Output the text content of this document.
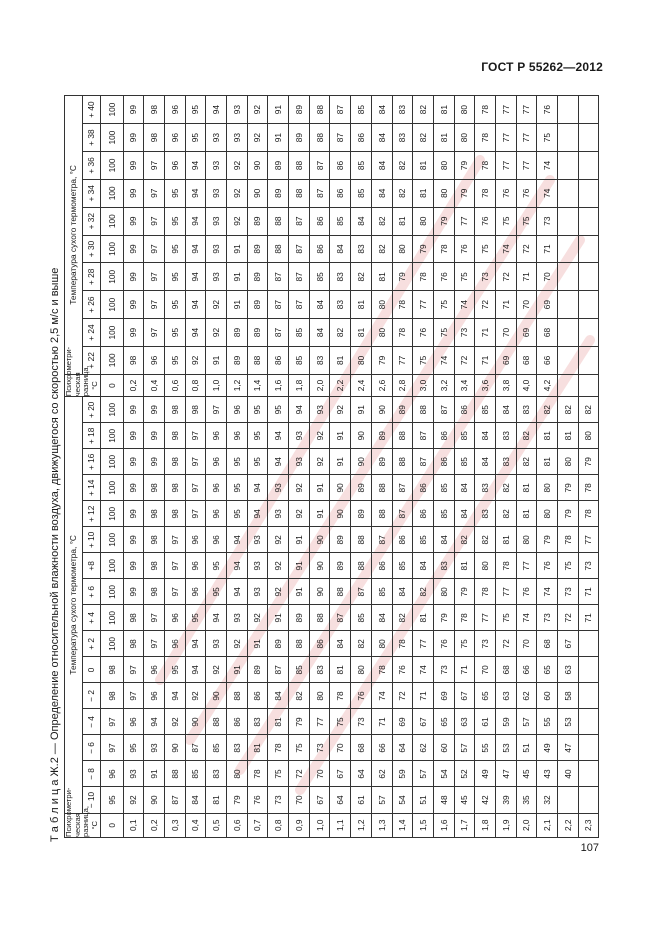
ГОСТ Р 55262—2012
Т а б л и ц а Ж.2 — Определение относительной влажности воздуха, движущегося со скоростью 2,5 м/с и выше Психрометри-ческая разница, °С	Температура сухого термометра, °С																Психрометри-ческая разница, °С	Температура сухого термометра, °С									
	− 10	− 8	− 6	− 4	− 2	0	+ 2	+ 4	+ 6	+8	+ 10	+ 12	+ 14	+ 16	+ 18	+ 20		+ 22	+ 24	+ 26	+ 28	+ 30	+ 32	+ 34	+ 36	+ 38	+ 40
0	95	96	97	97	98	98	100	100	100	100	100	100	100	100	100	100	0	100	100	100	100	100	100	100	100	100	100
0,1	92	93	95	96	97	97	98	98	99	99	99	99	99	99	99	99	0,2	98	99	99	99	99	99	99	99	99	99
0,2	90	91	93	94	96	96	97	97	98	98	98	98	98	99	99	99	0,4	96	97	97	97	97	97	97	97	98	98
0,3	87	88	90	92	94	95	96	96	97	97	97	98	98	98	98	98	0,6	95	95	95	95	95	95	95	96	96	96
0,4	84	85	87	90	92	94	94	95	96	96	96	97	97	97	97	98	0,8	92	94	94	94	94	94	94	94	95	95
0,5	81	83	85	88	90	92	93	94	95	95	96	96	96	96	96	97	1,0	91	92	92	93	93	93	93	93	93	94
0,6	79	80	83	86	88	91	92	93	94	94	94	95	95	95	96	96	1,2	89	89	91	91	91	92	92	92	93	93
0,7	76	78	81	83	86	89	91	92	93	93	93	94	94	95	95	95	1,4	88	89	89	89	89	89	90	90	92	92
0,8	73	75	78	81	84	87	89	91	92	92	92	93	93	94	94	95	1,6	86	87	87	87	88	88	89	89	91	91
0,9	70	72	75	79	82	85	88	89	91	91	91	92	92	93	93	94	1,8	85	85	87	87	87	87	88	88	89	89
1,0	67	70	73	77	80	83	86	88	90	90	90	91	91	92	92	93	2,0	83	84	84	85	86	86	87	87	88	88
1,1	64	67	70	75	78	81	84	87	88	89	89	90	90	91	91	92	2,2	81	82	83	83	84	85	86	86	87	87
1,2	61	64	68	73	76	80	82	85	87	88	88	89	89	90	90	91	2,4	80	81	81	82	83	84	85	85	86	85
1,3	57	62	66	71	74	78	80	84	85	86	87	88	88	89	89	90	2,6	79	80	80	81	82	82	84	84	84	84
1,4	54	59	64	69	72	76	78	82	84	85	86	87	87	88	88	89	2,8	77	78	78	79	80	81	82	82	83	83
1,5	51	57	62	67	71	74	77	81	82	84	85	86	86	87	87	88	3,0	75	76	77	78	79	80	81	81	82	82
1,6	48	54	60	65	69	73	76	79	80	83	84	85	85	86	86	87	3,2	74	75	75	76	78	79	80	80	81	81
1,7	45	52	57	63	67	71	75	78	79	81	82	84	84	85	85	86	3,4	72	73	74	75	76	77	79	79	80	80
1,8	42	49	55	61	65	70	73	77	78	80	82	83	83	84	84	85	3,6	71	71	72	73	75	76	78	78	78	78
1,9	39	47	53	59	63	68	72	75	77	78	81	82	82	83	83	84	3,8	69	70	71	72	74	75	76	77	77	77
2,0	35	45	51	57	62	66	70	74	76	77	80	81	81	82	82	83	4,0	68	69	70	71	72	75	76	77	77	77
2,1	32	43	49	55	60	65	68	73	74	76	79	80	80	81	81	82	4,2	66	68	69	70	71	73	74	74	75	76
2,2		40	47	53	58	63	67	72	73	75	78	79	79	80	81	82											
2,3								71	71	73	77	78	78	79	80	82											
107
